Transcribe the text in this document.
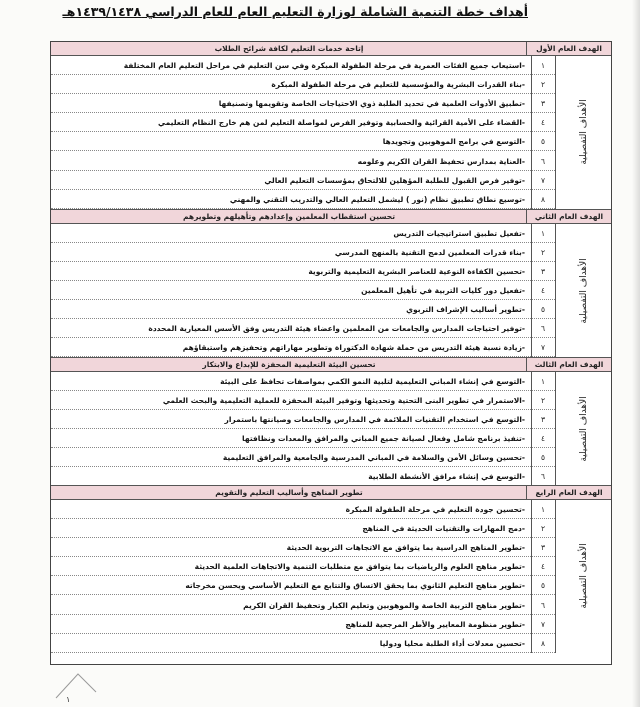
أهداف خطة التنمية الشاملة لوزارة التعليم العام للعام الدراسي ١٤٣٩/١٤٣٨هـ
الهدف العام الأول
إتاحة خدمات التعليم لكافة شرائح الطلاب
الأهداف التفصيلية
١
-استيعاب جميع الفئات العمرية في مرحلة الطفولة المبكرة وفي سن التعليم في مراحل التعليم العام المختلفة
٢
-بناء القدرات البشرية والمؤسسية للتعليم في مرحلة الطفولة المبكرة
٣
-تطبيق الأدوات العلمية في تحديد الطلبة ذوي الاحتياجات الخاصة وتقويمها وتصنيفها
٤
-القضاء على الأمية القرائية والحسابية وتوفير الفرص لمواصلة التعليم لمن هم خارج النظام التعليمي
٥
-التوسع في برامج الموهوبين وتجويدها
٦
-العناية بمدارس تحفيظ القران الكريم وعلومه
٧
-توفير فرص القبول للطلبة المؤهلين للالتحاق بمؤسسات التعليم العالي
٨
-توسيع نطاق تطبيق نظام (نور ) ليشمل التعليم العالي والتدريب التقني والمهني
الهدف العام الثاني
تحسين استقطاب المعلمين وإعدادهم وتأهيلهم وتطويرهم
الأهداف التفصيلية
١
-تفعيل تطبيق استراتيجيات التدريس
٢
-بناء قدرات المعلمين لدمج التقنية بالمنهج المدرسي
٣
-تحسين الكفاءة النوعية للعناصر البشرية التعليمية والتربوية
٤
-تفعيل دور كليات التربية في تأهيل المعلمين
٥
-تطوير أساليب الإشراف التربوي
٦
-توفير احتياجات المدارس والجامعات من المعلمين واعضاء هيئة التدريس وفق الأسس المعيارية المحددة
٧
-زيادة نسبة هيئة التدريس من حملة شهادة الدكتوراة وتطوير مهاراتهم وتحفيزهم واستبقاؤهم
الهدف العام الثالث
تحسين البيئة التعليمية المحفزة للإبداع والابتكار
الأهداف التفصيلية
١
-التوسع في إنشاء المباني التعليمية لتلبية النمو الكمي بمواصفات تحافظ على البيئة
٢
-الاستمرار في تطوير البنى التحتية وتحديثها وتوفير البيئة المحفزة للعملية التعليمية والبحث العلمي
٣
-التوسع في استخدام التقنيات الملائمة في المدارس والجامعات وصيانتها باستمرار
٤
-تنفيذ برنامج شامل وفعال لصيانة جميع المباني والمرافق والمعدات ونظافتها
٥
-تحسين وسائل الأمن والسلامة في المباني المدرسية والجامعية والمرافق التعليمية
٦
-التوسع في إنشاء مرافق الأنشطة الطلابية
الهدف العام الرابع
تطوير المناهج وأساليب التعليم والتقويم
الأهداف التفصيلية
١
-تحسين جودة التعليم في مرحلة الطفولة المبكرة
٢
-دمج المهارات والتقنيات الحديثة في المناهج
٣
-تطوير المناهج الدراسية بما يتوافق مع الاتجاهات التربوية الحديثة
٤
-تطوير مناهج العلوم والرياضيات بما يتوافق مع متطلبات التنمية والاتجاهات العلمية الحديثة
٥
-تطوير مناهج التعليم الثانوي بما يحقق الاتساق والتتابع مع التعليم الأساسي ويحسن مخرجاته
٦
-تطوير مناهج التربية الخاصة والموهوبين وتعليم الكبار وتحفيظ القران الكريم
٧
-تطوير منظومة المعايير والأطر المرجعية للمناهج
٨
-تحسين معدلات أداء الطلبة محليا ودوليا
١
